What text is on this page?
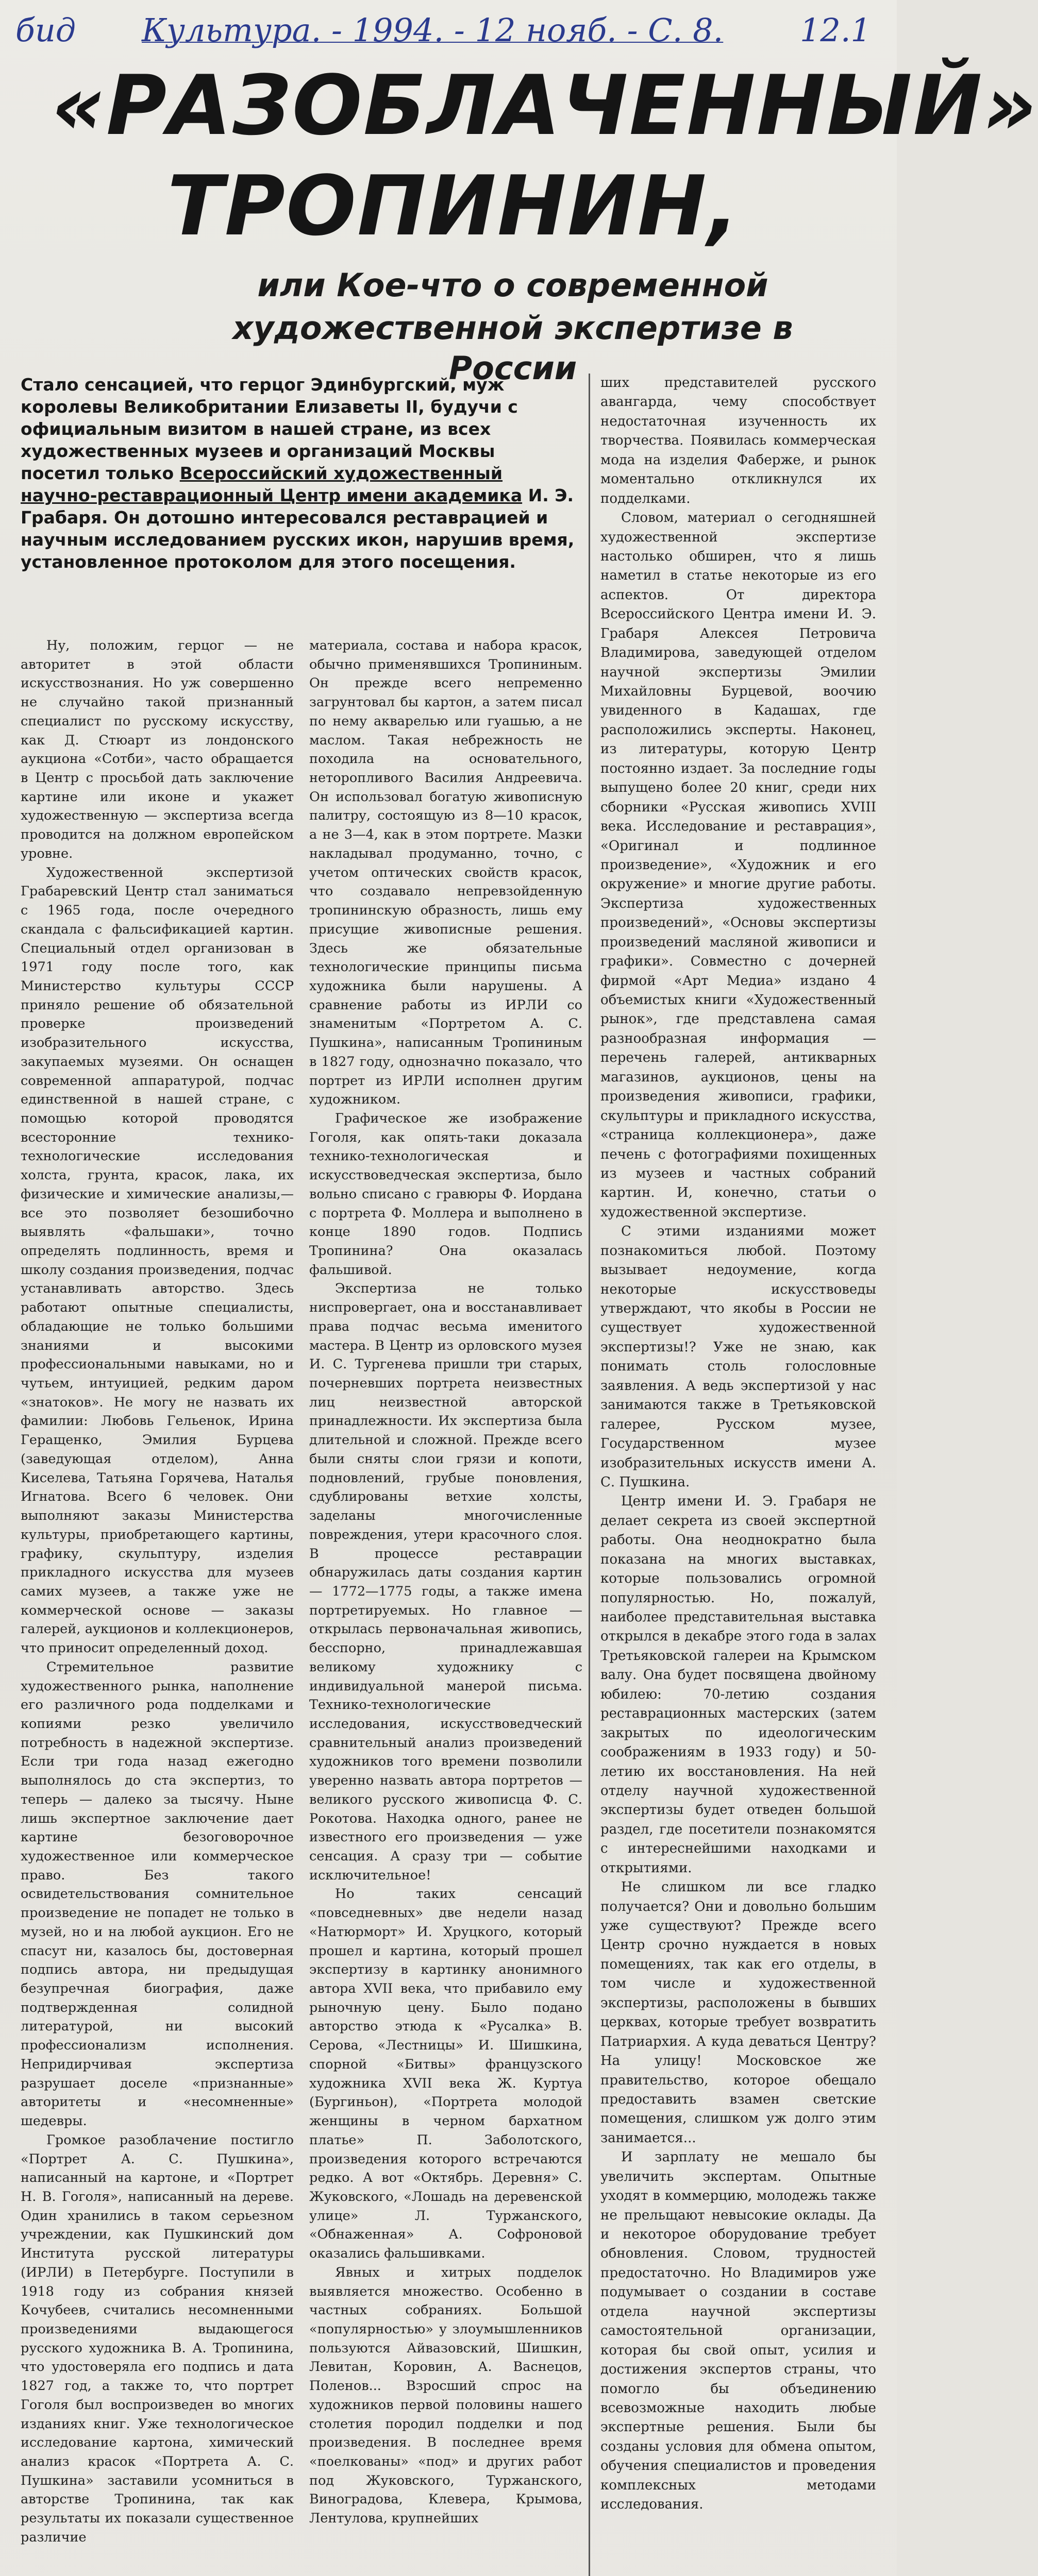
бид Культура. - 1994. - 12 нояб. - С. 8. 12.1
«РАЗОБЛАЧЕННЫЙ»
ТРОПИНИН,
или Кое-что о современной
художественной экспертизе в России
Стало сенсацией, что герцог Эдинбургский, муж королевы Великобритании Елизаветы II, будучи с официальным визитом в нашей стране, из всех художественных музеев и организаций Москвы посетил только Всероссийский художественный научно-реставрационный Центр имени академика И. Э. Грабаря. Он дотошно интересовался реставрацией и научным исследованием русских икон, нарушив время, установленное протоколом для этого посещения.

Ну, положим, герцог — не авторитет в этой области искусствознания. Но уж совершенно не случайно такой признанный специалист по русскому искусству, как Д. Стюарт из лондонского аукциона «Сотби», часто обращается в Центр с просьбой дать заключение картине или иконе и укажет художественную — экспертиза всегда проводится на должном европейском уровне.

Художественной экспертизой Грабаревский Центр стал заниматься с 1965 года, после очередного скандала с фальсификацией картин. Специальный отдел организован в 1971 году после того, как Министерство культуры СССР приняло решение об обязательной проверке произведений изобразительного искусства, закупаемых музеями. Он оснащен современной аппаратурой, подчас единственной в нашей стране, с помощью которой проводятся всесторонние технико-технологические исследования холста, грунта, красок, лака, их физические и химические анализы,— все это позволяет безошибочно выявлять «фальшаки», точно определять подлинность, время и школу создания произведения, подчас устанавливать авторство. Здесь работают опытные специалисты, обладающие не только большими знаниями и высокими профессиональными навыками, но и чутьем, интуицией, редким даром «знатоков». Не могу не назвать их фамилии: Любовь Гельенок, Ирина Геращенко, Эмилия Бурцева (заведующая отделом), Анна Киселева, Татьяна Горячева, Наталья Игнатова. Всего 6 человек. Они выполняют заказы Министерства культуры, приобретающего картины, графику, скульптуру, изделия прикладного искусства для музеев самих музеев, а также уже не коммерческой основе — заказы галерей, аукционов и коллекционеров, что приносит определенный доход.

Стремительное развитие художественного рынка, наполнение его различного рода подделками и копиями резко увеличило потребность в надежной экспертизе. Если три года назад ежегодно выполнялось до ста экспертиз, то теперь — далеко за тысячу. Ныне лишь экспертное заключение дает картине безоговорочное художественное или коммерческое право. Без такого освидетельствования сомнительное произведение не попадет не только в музей, но и на любой аукцион. Его не спасут ни, казалось бы, достоверная подпись автора, ни предыдущая безупречная биография, даже подтвержденная солидной литературой, ни высокий профессионализм исполнения. Непридирчивая экспертиза разрушает доселе «признанные» авторитеты и «несомненные» шедевры.

Громкое разоблачение постигло «Портрет А. С. Пушкина», написанный на картоне, и «Портрет Н. В. Гоголя», написанный на дереве. Один хранились в таком серьезном учреждении, как Пушкинский дом Института русской литературы (ИРЛИ) в Петербурге. Поступили в 1918 году из собрания князей Кочубеев, считались несомненными произведениями выдающегося русского художника В. А. Тропинина, что удостоверяла его подпись и дата 1827 год, а также то, что портрет Гоголя был воспроизведен во многих изданиях книг. Уже технологическое исследование картона, химический анализ красок «Портрета А. С. Пушкина» заставили усомниться в авторстве Тропинина, так как результаты их показали существенное различие

материала, состава и набора красок, обычно применявшихся Тропининым. Он прежде всего непременно загрунтовал бы картон, а затем писал по нему акварелью или гуашью, а не маслом. Такая небрежность не походила на основательного, неторопливого Василия Андреевича. Он использовал богатую живописную палитру, состоящую из 8—10 красок, а не 3—4, как в этом портрете. Мазки накладывал продуманно, точно, с учетом оптических свойств красок, что создавало непревзойденную тропининскую образность, лишь ему присущие живописные решения. Здесь же обязательные технологические принципы письма художника были нарушены. А сравнение работы из ИРЛИ со знаменитым «Портретом А. С. Пушкина», написанным Тропининым в 1827 году, однозначно показало, что портрет из ИРЛИ исполнен другим художником.

Графическое же изображение Гоголя, как опять-таки доказала технико-технологическая и искусствоведческая экспертиза, было вольно списано с гравюры Ф. Иордана с портрета Ф. Моллера и выполнено в конце 1890 годов. Подпись Тропинина? Она оказалась фальшивой.

Экспертиза не только ниспровергает, она и восстанавливает права подчас весьма именитого мастера. В Центр из орловского музея И. С. Тургенева пришли три старых, почерневших портрета неизвестных лиц неизвестной авторской принадлежности. Их экспертиза была длительной и сложной. Прежде всего были сняты слои грязи и копоти, подновлений, грубые поновления, сдублированы ветхие холсты, заделаны многочисленные повреждения, утери красочного слоя. В процессе реставрации обнаружилась даты создания картин — 1772—1775 годы, а также имена портретируемых. Но главное — открылась первоначальная живопись, бесспорно, принадлежавшая великому художнику с индивидуальной манерой письма. Технико-технологические исследования, искусствоведческий сравнительный анализ произведений художников того времени позволили уверенно назвать автора портретов — великого русского живописца Ф. С. Рокотова. Находка одного, ранее не известного его произведения — уже сенсация. А сразу три — событие исключительное!

Но таких сенсаций «повседневных» две недели назад «Натюрморт» И. Хруцкого, который прошел и картина, который прошел экспертизу в картинку анонимного автора XVII века, что прибавило ему рыночную цену. Было подано авторство этюда к «Русалка» В. Серова, «Лестницы» И. Шишкина, спорной «Битвы» французского художника XVII века Ж. Куртуа (Бургиньон), «Портрета молодой женщины в черном бархатном платье» П. Заболотского, произведения которого встречаются редко. А вот «Октябрь. Деревня» С. Жуковского, «Лошадь на деревенской улице» Л. Туржанского, «Обнаженная» А. Софроновой оказались фальшивками.

Явных и хитрых подделок выявляется множество. Особенно в частных собраниях. Большой «популярностью» у злоумышленников пользуются Айвазовский, Шишкин, Левитан, Коровин, А. Васнецов, Поленов... Взросший спрос на художников первой половины нашего столетия породил подделки и под произведения. В последнее время «поелкованы» «под» и других работ под Жуковского, Туржанского, Виноградова, Клевера, Крымова, Лентулова, крупнейших

ших представителей русского авангарда, чему способствует недостаточная изученность их творчества. Появилась коммерческая мода на изделия Фаберже, и рынок моментально откликнулся их подделками.

Словом, материал о сегодняшней художественной экспертизе настолько обширен, что я лишь наметил в статье некоторые из его аспектов. От директора Всероссийского Центра имени И. Э. Грабаря Алексея Петровича Владимирова, заведующей отделом научной экспертизы Эмилии Михайловны Бурцевой, воочию увиденного в Кадашах, где расположились эксперты. Наконец, из литературы, которую Центр постоянно издает. За последние годы выпущено более 20 книг, среди них сборники «Русская живопись XVIII века. Исследование и реставрация», «Оригинал и подлинное произведение», «Художник и его окружение» и многие другие работы. Экспертиза художественных произведений», «Основы экспертизы произведений масляной живописи и графики». Совместно с дочерней фирмой «Арт Медиа» издано 4 объемистых книги «Художественный рынок», где представлена самая разнообразная информация — перечень галерей, антикварных магазинов, аукционов, цены на произведения живописи, графики, скульптуры и прикладного искусства, «страница коллекционера», даже печень с фотографиями похищенных из музеев и частных собраний картин. И, конечно, статьи о художественной экспертизе.

С этими изданиями может познакомиться любой. Поэтому вызывает недоумение, когда некоторые искусствоведы утверждают, что якобы в России не существует художественной экспертизы!? Уже не знаю, как понимать столь голословные заявления. А ведь экспертизой у нас занимаются также в Третьяковской галерее, Русском музее, Государственном музее изобразительных искусств имени А. С. Пушкина.

Центр имени И. Э. Грабаря не делает секрета из своей экспертной работы. Она неоднократно была показана на многих выставках, которые пользовались огромной популярностью. Но, пожалуй, наиболее представительная выставка открылся в декабре этого года в залах Третьяковской галереи на Крымском валу. Она будет посвящена двойному юбилею: 70-летию создания реставрационных мастерских (затем закрытых по идеологическим соображениям в 1933 году) и 50-летию их восстановления. На ней отделу научной художественной экспертизы будет отведен большой раздел, где посетители познакомятся с интереснейшими находками и открытиями.

Не слишком ли все гладко получается? Они и довольно большим уже существуют? Прежде всего Центр срочно нуждается в новых помещениях, так как его отделы, в том числе и художественной экспертизы, расположены в бывших церквах, которые требует возвратить Патриархия. А куда деваться Центру? На улицу! Московское же правительство, которое обещало предоставить взамен светские помещения, слишком уж долго этим занимается...

И зарплату не мешало бы увеличить экспертам. Опытные уходят в коммерцию, молодежь также не прельщают невысокие оклады. Да и некоторое оборудование требует обновления. Словом, трудностей предостаточно. Но Владимиров уже подумывает о создании в составе отдела научной экспертизы самостоятельной организации, которая бы свой опыт, усилия и достижения экспертов страны, что помогло бы объединению всевозможные находить любые экспертные решения. Были бы созданы условия для обмена опытом, обучения специалистов и проведения комплексных методами исследования.
